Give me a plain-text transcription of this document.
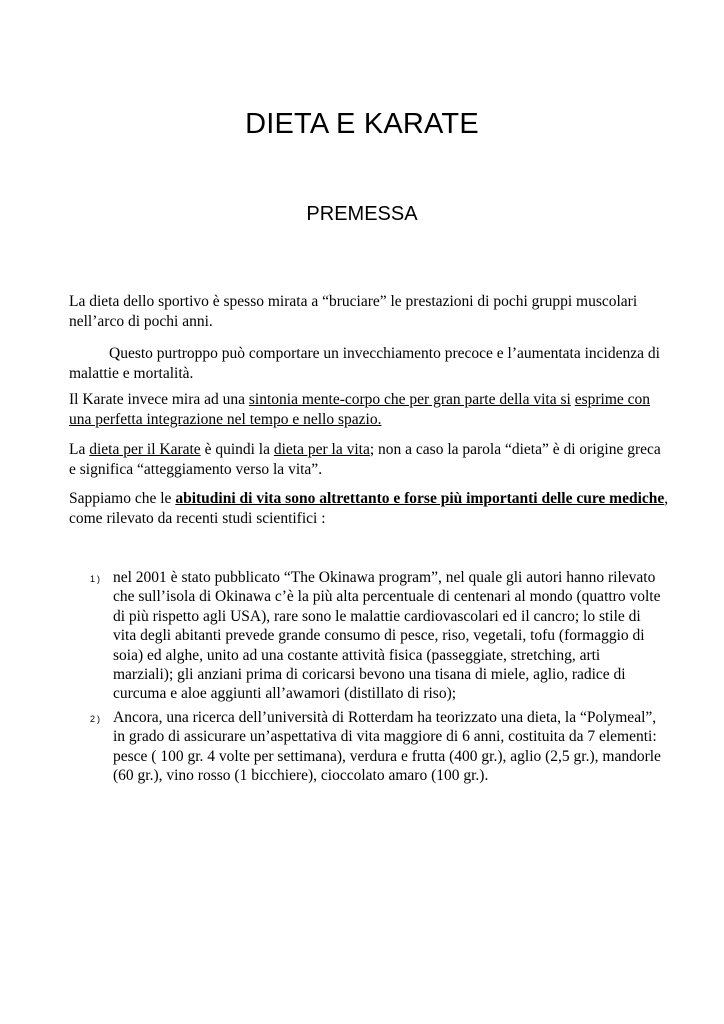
DIETA E KARATE
PREMESSA
La dieta dello sportivo è spesso mirata a “bruciare” le prestazioni di pochi gruppi muscolari nell’arco di pochi anni.
Questo purtroppo può comportare un invecchiamento precoce e l’aumentata incidenza di malattie e mortalità.
Il Karate invece mira ad una sintonia mente-corpo che per gran parte della vita si esprime con una perfetta integrazione nel tempo e nello spazio.
La dieta per il Karate è quindi la dieta per la vita; non a caso la parola “dieta” è di origine greca e significa “atteggiamento verso la vita”.
Sappiamo che le abitudini di vita sono altrettanto e forse più importanti delle cure mediche, come rilevato da recenti studi scientifici :
1) nel 2001 è stato pubblicato “The Okinawa program”, nel quale gli autori hanno rilevato che sull’isola di Okinawa c’è la più alta percentuale di centenari al mondo (quattro volte di più rispetto agli USA), rare sono le malattie cardiovascolari ed il cancro; lo stile di vita degli abitanti prevede grande consumo di pesce, riso, vegetali, tofu (formaggio di soia) ed alghe, unito ad una costante attività fisica (passeggiate, stretching, arti marziali); gli anziani prima di coricarsi bevono una tisana di miele, aglio, radice di curcuma e aloe aggiunti all’awamori (distillato di riso);
2) Ancora, una ricerca dell’università di Rotterdam ha teorizzato una dieta, la “Polymeal”, in grado di assicurare un’aspettativa di vita maggiore di 6 anni, costituita da 7 elementi: pesce ( 100 gr. 4 volte per settimana), verdura e frutta (400 gr.), aglio (2,5 gr.), mandorle (60 gr.), vino rosso (1 bicchiere), cioccolato amaro (100 gr.).
